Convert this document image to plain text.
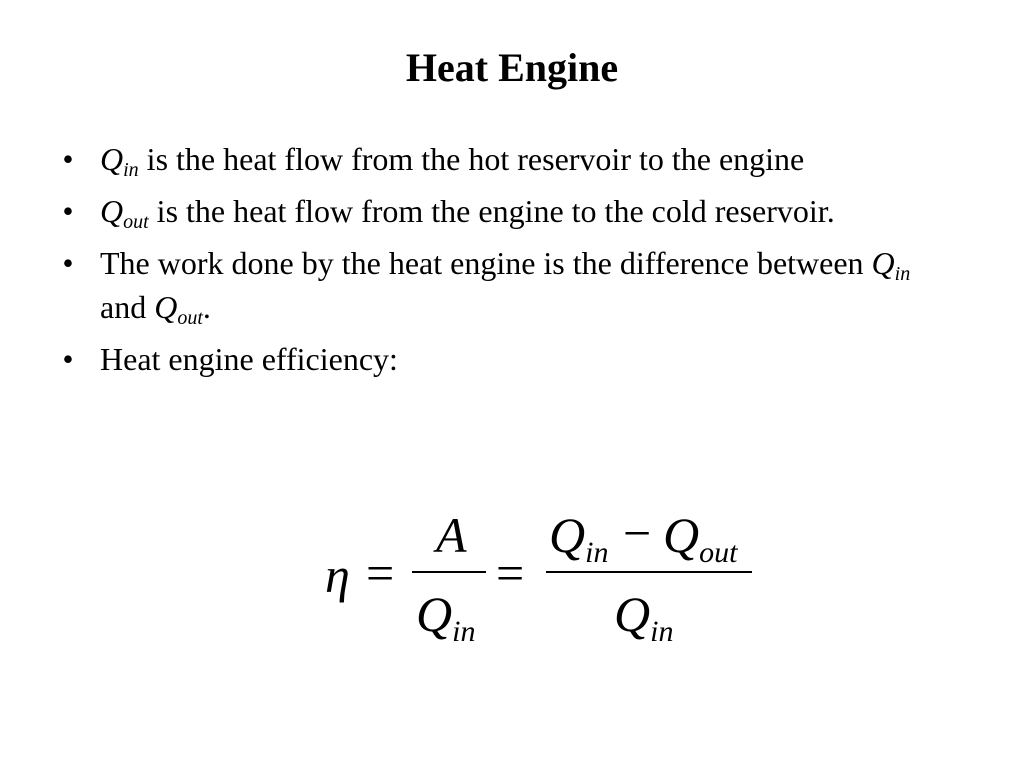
Heat Engine
• $Q_{in}$ is the heat flow from the hot reservoir to the engine
• $Q_{out}$ is the heat flow from the engine to the cold reservoir.
• The work done by the heat engine is the difference between $Q_{in}$ and $Q_{out}$.
• Heat engine efficiency:
η =
A
$Q_{in}$
=
$Q_{in} - Q_{out}$
$Q_{in}$
